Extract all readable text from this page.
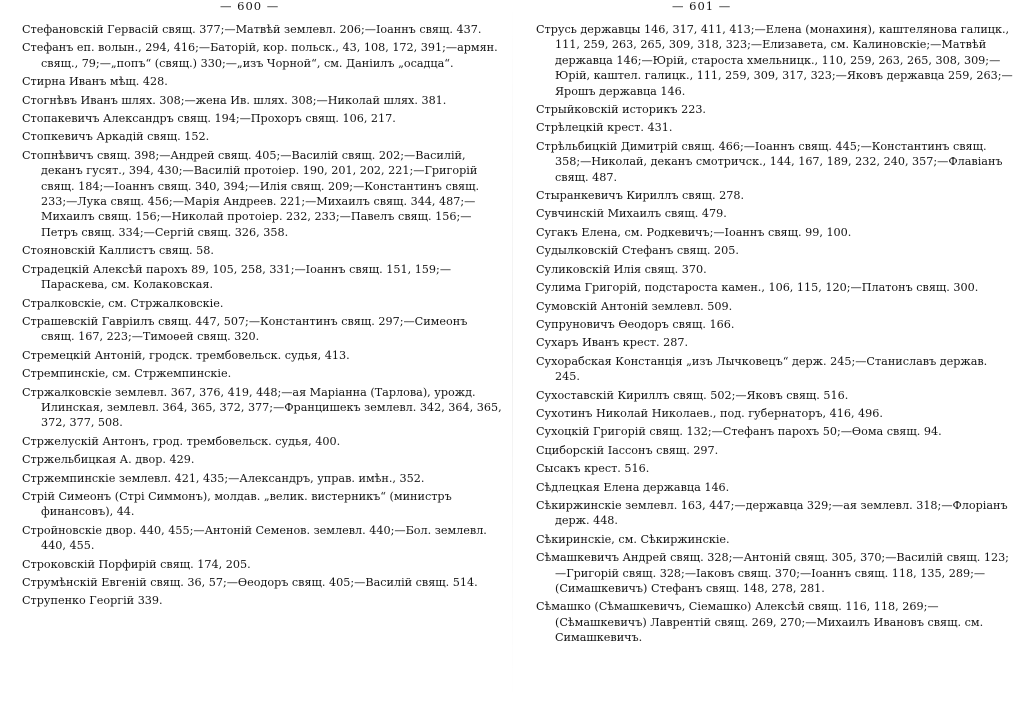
— 600 —
Стефановскій Гервасій свящ. 377;—Матвѣй землевл. 206;—Іоаннъ свящ. 437.
Стефанъ еп. волын., 294, 416;—Баторій, кор. польск., 43, 108, 172, 391;—армян. свящ., 79;—„попъ“ (свящ.) 330;—„изъ Чорной“, см. Даніилъ „осадца“.
Стирна Иванъ мѣщ. 428.
Стогнѣвъ Иванъ шлях. 308;—жена Ив. шлях. 308;—Николай шлях. 381.
Стопакевичъ Александръ свящ. 194;—Прохоръ свящ. 106, 217.
Стопкевичъ Аркадій свящ. 152.
Стопнѣвичъ свящ. 398;—Андрей свящ. 405;—Василій свящ. 202;—Василій, деканъ гусят., 394, 430;—Василій протоіер. 190, 201, 202, 221;—Григорій свящ. 184;—Іоаннъ свящ. 340, 394;—Илія свящ. 209;—Константинъ свящ. 233;—Лука свящ. 456;—Марія Андреев. 221;—Михаилъ свящ. 344, 487;—Михаилъ свящ. 156;—Николай протоіер. 232, 233;—Павелъ свящ. 156;—Петръ свящ. 334;—Сергій свящ. 326, 358.
Стояновскій Каллистъ свящ. 58.
Страдецкій Алексѣй парохъ 89, 105, 258, 331;—Іоаннъ свящ. 151, 159;—Параскева, см. Колаковская.
Стралковскіе, см. Стржалковскіе.
Страшевскій Гавріилъ свящ. 447, 507;—Константинъ свящ. 297;—Симеонъ свящ. 167, 223;—Тимоѳей свящ. 320.
Стремецкій Антоній, гродск. трембовельск. судья, 413.
Стремпинскіе, см. Стржемпинскіе.
Стржалковскіе землевл. 367, 376, 419, 448;—ая Маріанна (Тарлова), урожд. Илинская, землевл. 364, 365, 372, 377;—Францишекъ землевл. 342, 364, 365, 372, 377, 508.
Стржелускій Антонъ, грод. трембовельск. судья, 400.
Стржельбицкая А. двор. 429.
Стржемпинскіе землевл. 421, 435;—Александръ, управ. имѣн., 352.
Стрій Симеонъ (Стрі Симмонъ), молдав. „велик. вистерникъ“ (министръ финансовъ), 44.
Стройновскіе двор. 440, 455;—Антоній Семенов. землевл. 440;—Бол. землевл. 440, 455.
Строковскій Порфирій свящ. 174, 205.
Струмѣнскій Евгеній свящ. 36, 57;—Ѳеодоръ свящ. 405;—Василій свящ. 514.
Струпенко Георгій 339.
— 601 —
Струсь державцы 146, 317, 411, 413;—Елена (монахиня), каштелянова галицк., 111, 259, 263, 265, 309, 318, 323;—Елизавета, см. Калиновскіе;—Матвѣй державца 146;—Юрій, староста хмельницк., 110, 259, 263, 265, 308, 309;—Юрій, каштел. галицк., 111, 259, 309, 317, 323;—Яковъ державца 259, 263;—Ярошъ державца 146.
Стрыйковскій историкъ 223.
Стрѣлецкій крест. 431.
Стрѣльбицкій Димитрій свящ. 466;—Іоаннъ свящ. 445;—Константинъ свящ. 358;—Николай, деканъ смотричск., 144, 167, 189, 232, 240, 357;—Флавіанъ свящ. 487.
Стыранкевичъ Кириллъ свящ. 278.
Сувчинскій Михаилъ свящ. 479.
Сугакъ Елена, см. Родкевичъ;—Іоаннъ свящ. 99, 100.
Судылковскій Стефанъ свящ. 205.
Суликовскій Илія свящ. 370.
Сулима Григорій, подстароста камен., 106, 115, 120;—Платонъ свящ. 300.
Сумовскій Антоній землевл. 509.
Супруновичъ Ѳеодоръ свящ. 166.
Сухаръ Иванъ крест. 287.
Сухорабская Констанція „изъ Лычковецъ“ держ. 245;—Станиславъ держав. 245.
Сухоставскій Кириллъ свящ. 502;—Яковъ свящ. 516.
Сухотинъ Николай Николаев., под. губернаторъ, 416, 496.
Сухоцкій Григорій свящ. 132;—Стефанъ парохъ 50;—Ѳома свящ. 94.
Сциборскій Іассонъ свящ. 297.
Сысакъ крест. 516.
Сѣдлецкая Елена державца 146.
Сѣкиржинскіе землевл. 163, 447;—державца 329;—ая землевл. 318;—Флоріанъ держ. 448.
Сѣкиринскіе, см. Сѣкиржинскіе.
Сѣмашкевичъ Андрей свящ. 328;—Антоній свящ. 305, 370;—Василій свящ. 123;—Григорій свящ. 328;—Іаковъ свящ. 370;—Іоаннъ свящ. 118, 135, 289;—(Симашкевичъ) Стефанъ свящ. 148, 278, 281.
Сѣмашко (Сѣмашкевичъ, Сіемашко) Алексѣй свящ. 116, 118, 269;—(Сѣмашкевичъ) Лаврентій свящ. 269, 270;—Михаилъ Ивановъ свящ. см. Симашкевичъ.
